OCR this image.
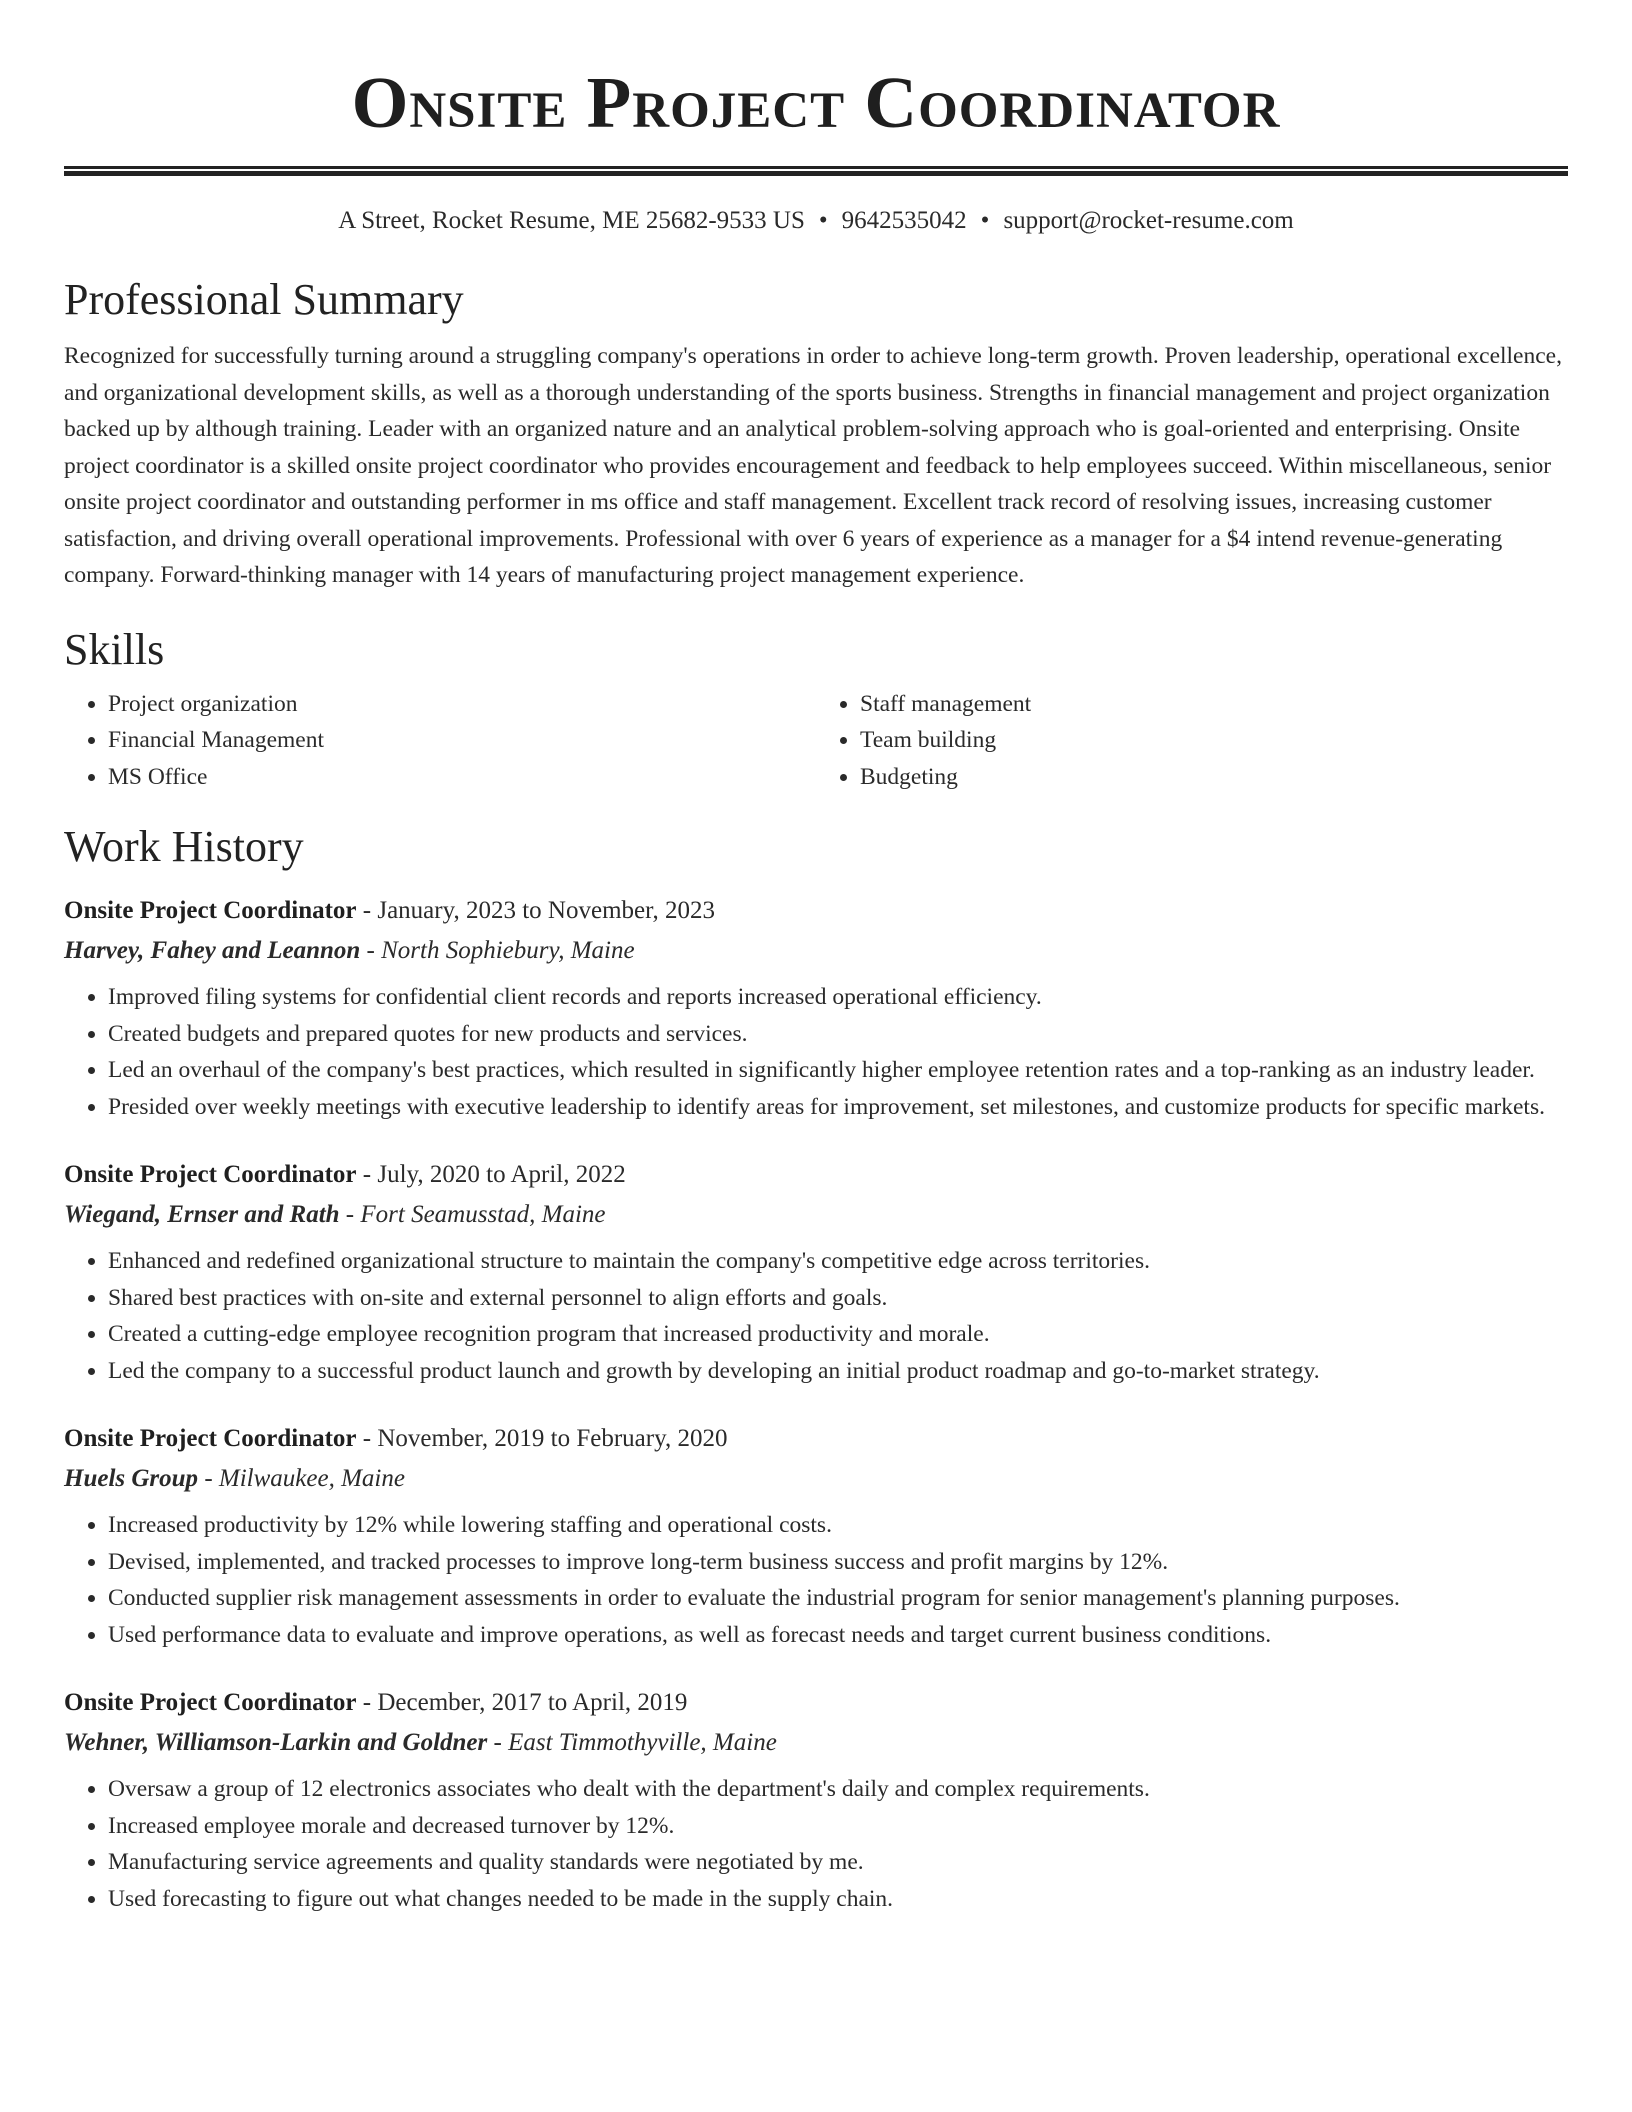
Onsite Project Coordinator
A Street, Rocket Resume, ME 25682-9533 US • 9642535042 • support@rocket-resume.com
Professional Summary

Recognized for successfully turning around a struggling company's operations in order to achieve long-term growth. Proven leadership, operational excellence, and organizational development skills, as well as a thorough understanding of the sports business. Strengths in financial management and project organization backed up by although training. Leader with an organized nature and an analytical problem-solving approach who is goal-oriented and enterprising. Onsite project coordinator is a skilled onsite project coordinator who provides encouragement and feedback to help employees succeed. Within miscellaneous, senior onsite project coordinator and outstanding performer in ms office and staff management. Excellent track record of resolving issues, increasing customer satisfaction, and driving overall operational improvements. Professional with over 6 years of experience as a manager for a $4 intend revenue-generating company. Forward-thinking manager with 14 years of manufacturing project management experience.

Skills
• Project organization
• Financial Management
• MS Office
• Staff management
• Team building
• Budgeting
Work History
Onsite Project Coordinator - January, 2023 to November, 2023
Harvey, Fahey and Leannon - North Sophiebury, Maine
• Improved filing systems for confidential client records and reports increased operational efficiency.
• Created budgets and prepared quotes for new products and services.
• Led an overhaul of the company's best practices, which resulted in significantly higher employee retention rates and a top-ranking as an industry leader.
• Presided over weekly meetings with executive leadership to identify areas for improvement, set milestones, and customize products for specific markets.
Onsite Project Coordinator - July, 2020 to April, 2022
Wiegand, Ernser and Rath - Fort Seamusstad, Maine
• Enhanced and redefined organizational structure to maintain the company's competitive edge across territories.
• Shared best practices with on-site and external personnel to align efforts and goals.
• Created a cutting-edge employee recognition program that increased productivity and morale.
• Led the company to a successful product launch and growth by developing an initial product roadmap and go-to-market strategy.
Onsite Project Coordinator - November, 2019 to February, 2020
Huels Group - Milwaukee, Maine
• Increased productivity by 12% while lowering staffing and operational costs.
• Devised, implemented, and tracked processes to improve long-term business success and profit margins by 12%.
• Conducted supplier risk management assessments in order to evaluate the industrial program for senior management's planning purposes.
• Used performance data to evaluate and improve operations, as well as forecast needs and target current business conditions.
Onsite Project Coordinator - December, 2017 to April, 2019
Wehner, Williamson-Larkin and Goldner - East Timmothyville, Maine
• Oversaw a group of 12 electronics associates who dealt with the department's daily and complex requirements.
• Increased employee morale and decreased turnover by 12%.
• Manufacturing service agreements and quality standards were negotiated by me.
• Used forecasting to figure out what changes needed to be made in the supply chain.
